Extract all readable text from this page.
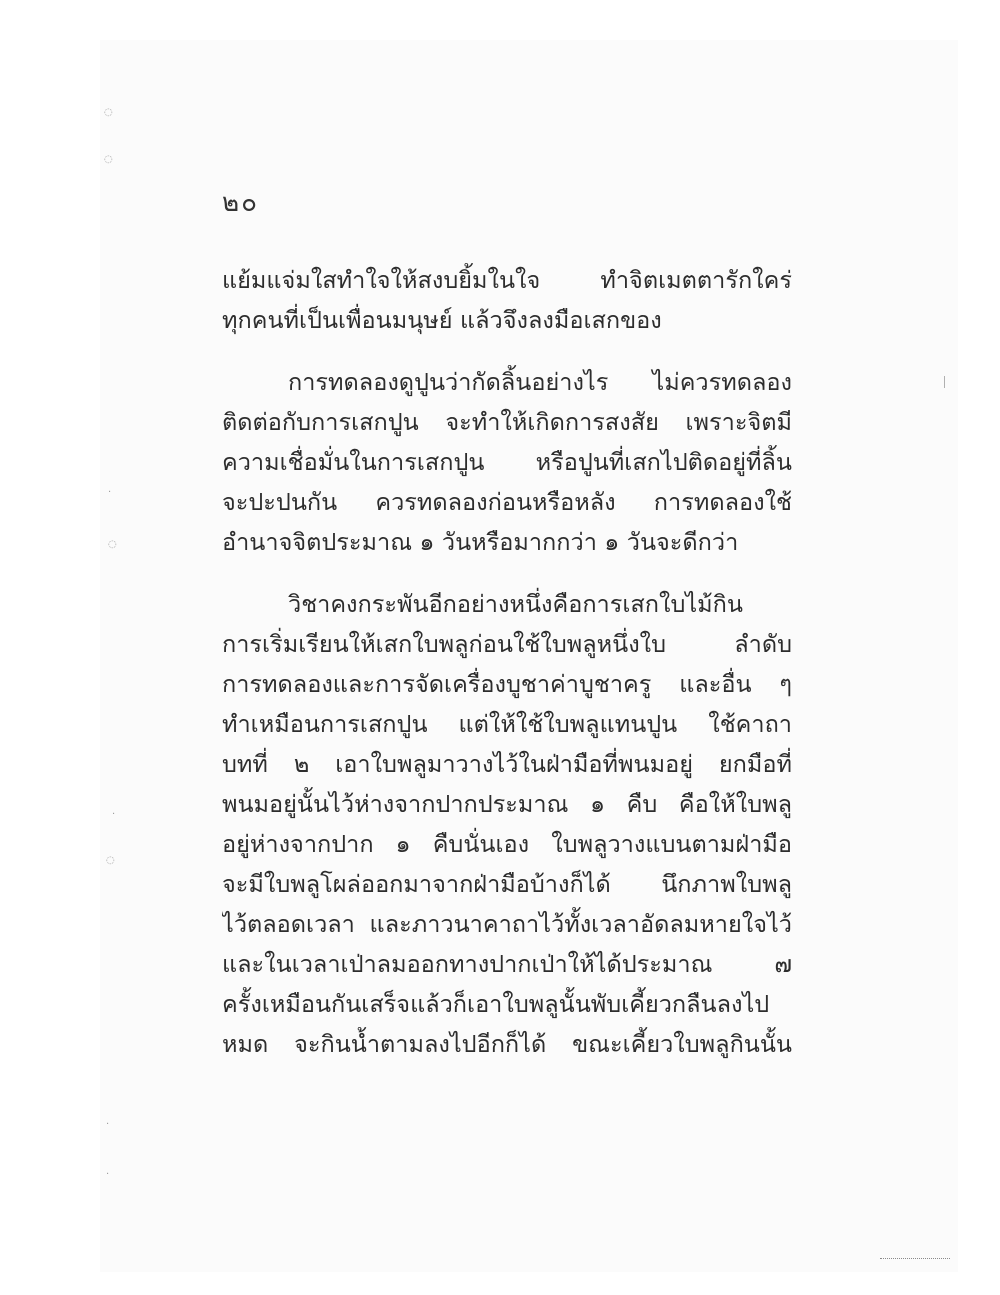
◌
◌
·
◌
·
◌
·
·
๒๐
แย้มแจ่มใสทำใจให้สงบยิ้มในใจ ทำจิตเมตตารักใคร่
ทุกคนที่เป็นเพื่อนมนุษย์ แล้วจึงลงมือเสกของ
การทดลองดูปูนว่ากัดลิ้นอย่างไร ไม่ควรทดลอง
ติดต่อกับการเสกปูน จะทำให้เกิดการสงสัย เพราะจิตมี
ความเชื่อมั่นในการเสกปูน หรือปูนที่เสกไปติดอยู่ที่ลิ้น
จะปะปนกัน ควรทดลองก่อนหรือหลัง การทดลองใช้
อำนาจจิตประมาณ ๑ วันหรือมากกว่า ๑ วันจะดีกว่า
วิชาคงกระพันอีกอย่างหนึ่งคือการเสกใบไม้กิน
การเริ่มเรียนให้เสกใบพลูก่อนใช้ใบพลูหนึ่งใบ ลำดับ
การทดลองและการจัดเครื่องบูชาค่าบูชาครู และอื่น ๆ
ทำเหมือนการเสกปูน แต่ให้ใช้ใบพลูแทนปูน ใช้คาถา
บทที่ ๒ เอาใบพลูมาวางไว้ในฝ่ามือที่พนมอยู่ ยกมือที่
พนมอยู่นั้นไว้ห่างจากปากประมาณ ๑ คืบ คือให้ใบพลู
อยู่ห่างจากปาก ๑ คืบนั่นเอง ใบพลูวางแบนตามฝ่ามือ
จะมีใบพลูโผล่ออกมาจากฝ่ามือบ้างก็ได้ นึกภาพใบพลู
ไว้ตลอดเวลา และภาวนาคาถาไว้ทั้งเวลาอัดลมหายใจไว้
และในเวลาเป่าลมออกทางปากเป่าให้ได้ประมาณ ๗
ครั้งเหมือนกันเสร็จแล้วก็เอาใบพลูนั้นพับเคี้ยวกลืนลงไป
หมด จะกินน้ำตามลงไปอีกก็ได้ ขณะเคี้ยวใบพลูกินนั้น
